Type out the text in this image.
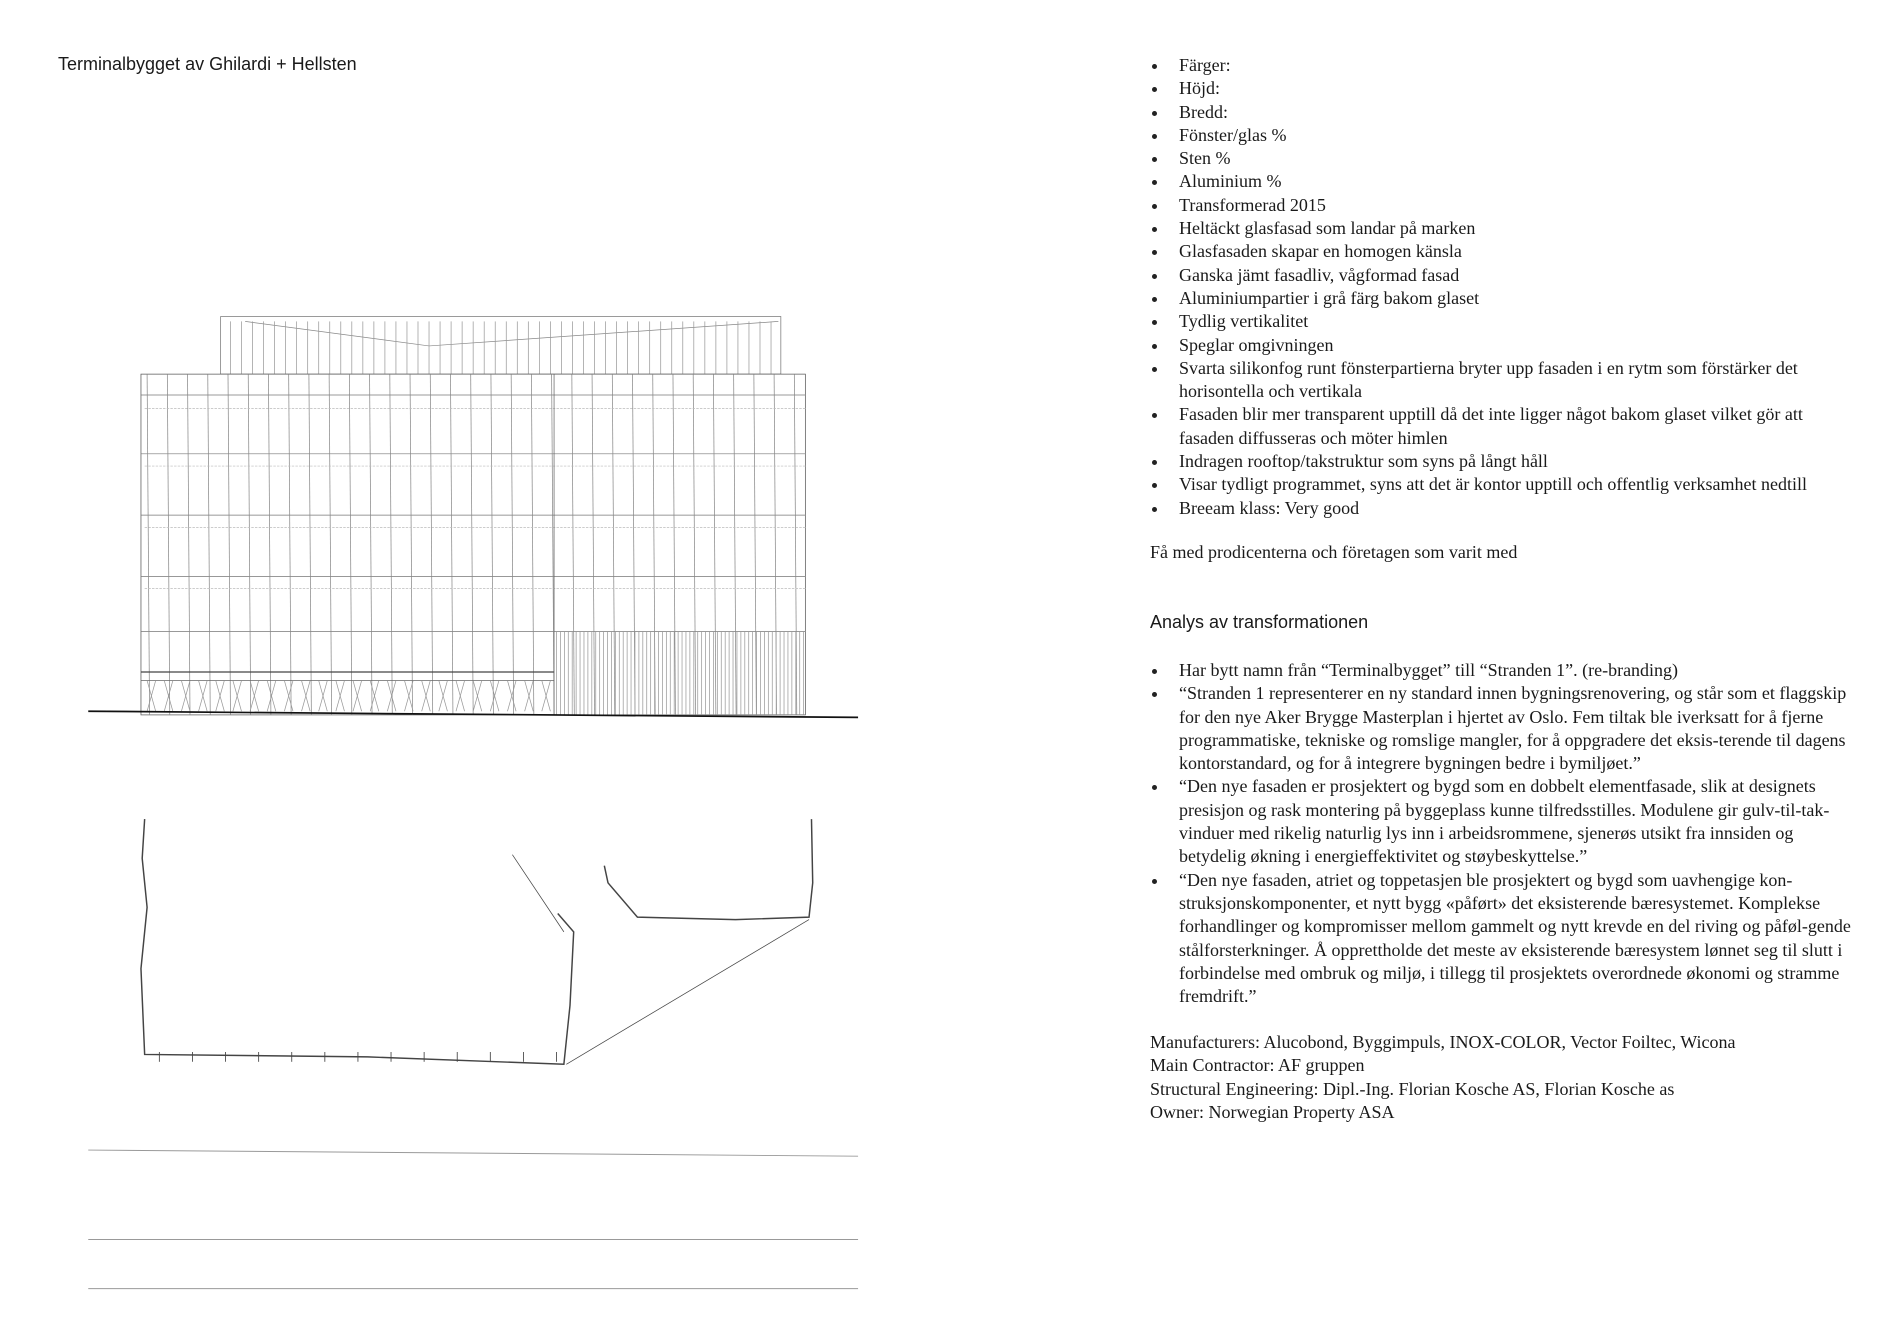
Terminalbygget av Ghilardi + Hellsten	Färger:
Höjd:
Bredd:
Fönster/glas %
Sten %
Aluminium %
Transformerad 2015
Heltäckt glasfasad som landar på marken
Glasfasaden skapar en homogen känsla
Ganska jämt fasadliv, vågformad fasad
Aluminiumpartier i grå färg bakom glaset
Tydlig vertikalitet
Speglar omgivningen
Svarta silikonfog runt fönsterpartierna bryter upp fasaden i en rytm som förstärker det horisontella och vertikala
Fasaden blir mer transparent upptill då det inte ligger något bakom glaset vilket gör att fasaden diffusseras och möter himlen
Indragen rooftop/takstruktur som syns på långt håll
Visar tydligt programmet, syns att det är kontor upptill och offentlig verksamhet nedtill
Breeam klass: Very good
Få med prodicenterna och företagen som varit med
Analys av transformationen
Har bytt namn från “Terminalbygget” till “Stranden 1”. (re-branding)
“Stranden 1 representerer en ny standard innen bygningsrenovering, og står som et flaggskip for den nye Aker Brygge Masterplan i hjertet av Oslo. Fem tiltak ble iverksatt for å fjerne programmatiske, tekniske og romslige mangler, for å oppgradere det eksis-terende til dagens kontorstandard, og for å integrere bygningen bedre i bymiljøet.”
“Den nye fasaden er prosjektert og bygd som en dobbelt elementfasade, slik at designets presisjon og rask montering på byggeplass kunne tilfredsstilles. Modulene gir gulv-til-tak- vinduer med rikelig naturlig lys inn i arbeidsrommene, sjenerøs utsikt fra innsiden og betydelig økning i energieffektivitet og støybeskyttelse.”
“Den nye fasaden, atriet og toppetasjen ble prosjektert og bygd som uavhengige kon-struksjonskomponenter, et nytt bygg «påført» det eksisterende bæresystemet. Komplekse forhandlinger og kompromisser mellom gammelt og nytt krevde en del riving og påføl-gende stålforsterkninger. Å opprettholde det meste av eksisterende bæresystem lønnet seg til slutt i forbindelse med ombruk og miljø, i tillegg til prosjektets overordnede økonomi og stramme fremdrift.”
Manufacturers: Alucobond, Byggimpuls, INOX-COLOR, Vector Foiltec, Wicona
Main Contractor: AF gruppen
Structural Engineering: Dipl.-Ing. Florian Kosche AS, Florian Kosche as
Owner: Norwegian Property ASA
